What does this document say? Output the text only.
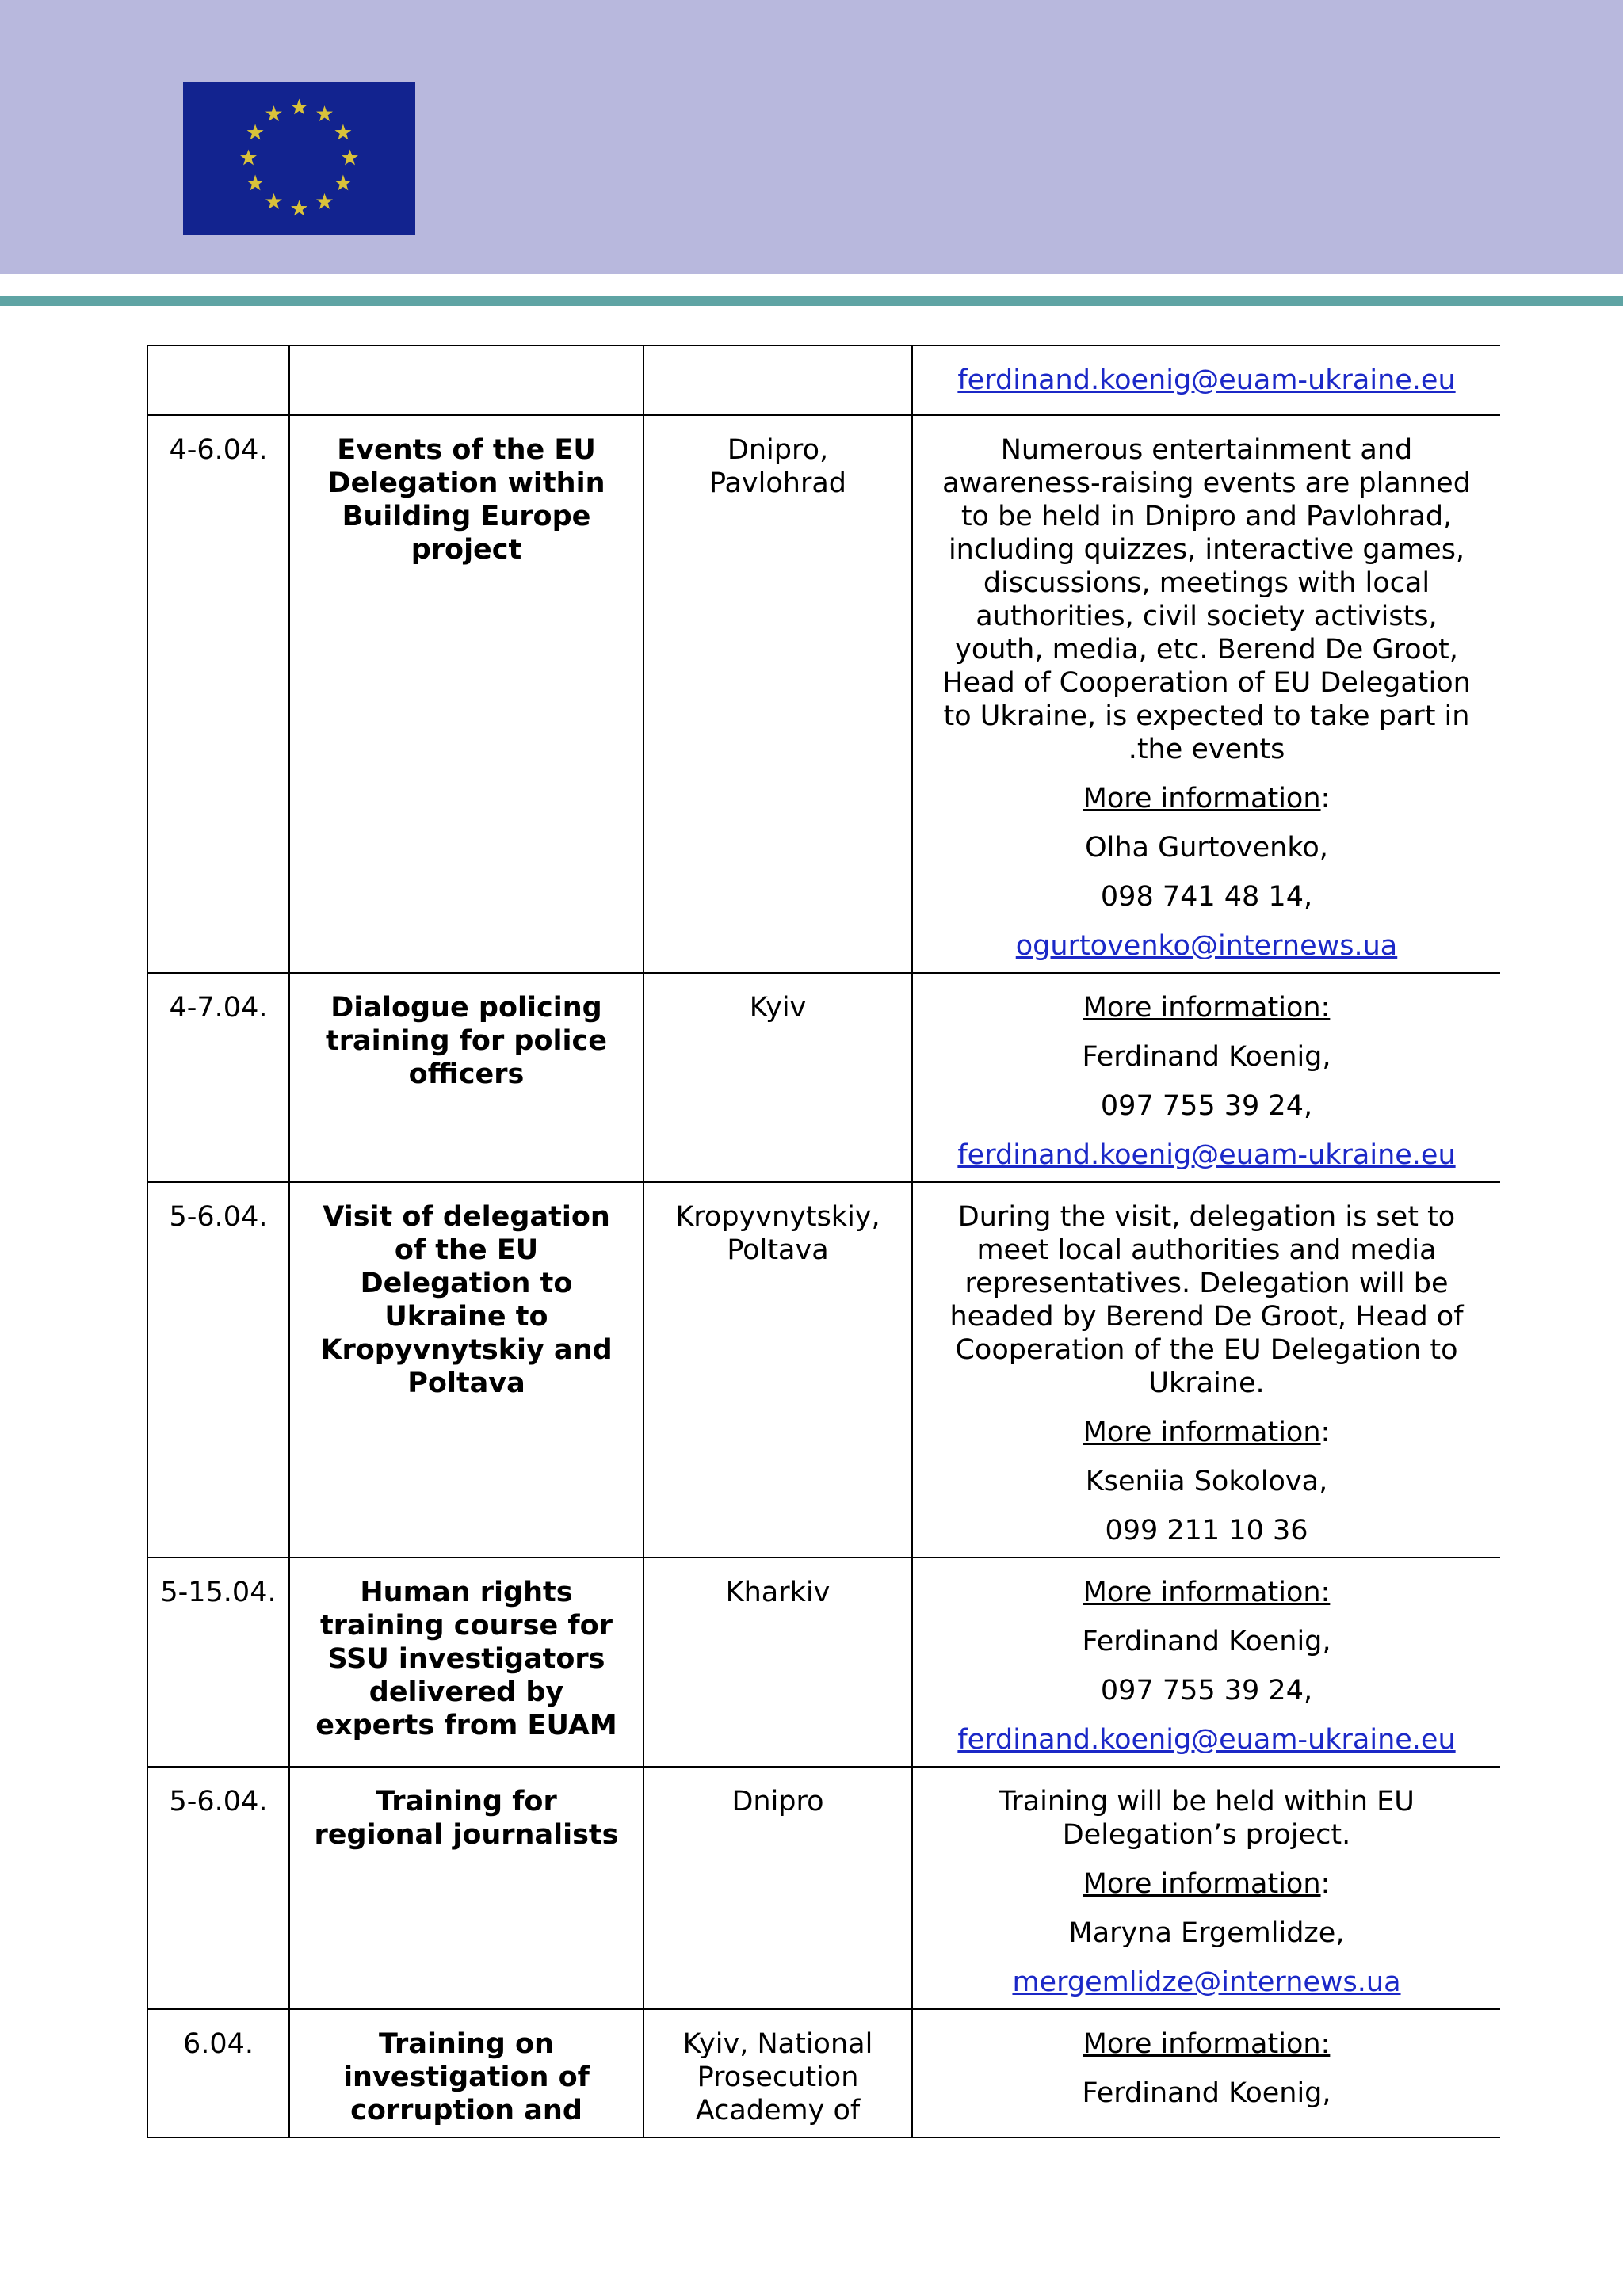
			ferdinand.koenig@euam-ukraine.eu

4-6.04.	Events of the EU Delegation within Building Europe project	Dnipro, Pavlohrad	Numerous entertainment and awareness-raising events are planned to be held in Dnipro and Pavlohrad, including quizzes, interactive games, discussions, meetings with local authorities, civil society activists, youth, media, etc. Berend De Groot, Head of Cooperation of EU Delegation to Ukraine, is expected to take part in .the events

More information:

Olha Gurtovenko,

098 741 48 14,

ogurtovenko@internews.ua

4-7.04.	Dialogue policing training for police officers	Kyiv	More information:

Ferdinand Koenig,

097 755 39 24,

ferdinand.koenig@euam-ukraine.eu

5-6.04.	Visit of delegation of the EU Delegation to Ukraine to Kropyvnytskiy and Poltava	Kropyvnytskiy, Poltava	During the visit, delegation is set to meet local authorities and media representatives. Delegation will be headed by Berend De Groot, Head of Cooperation of the EU Delegation to Ukraine.

More information:

Kseniia Sokolova,

099 211 10 36

5-15.04.	Human rights training course for SSU investigators delivered by experts from EUAM	Kharkiv	More information:

Ferdinand Koenig,

097 755 39 24,

ferdinand.koenig@euam-ukraine.eu

5-6.04.	Training for regional journalists	Dnipro	Training will be held within EU Delegation’s project.

More information:

Maryna Ergemlidze,

mergemlidze@internews.ua

6.04.	Training on investigation of corruption and	Kyiv, National Prosecution Academy of	More information:

Ferdinand Koenig,
